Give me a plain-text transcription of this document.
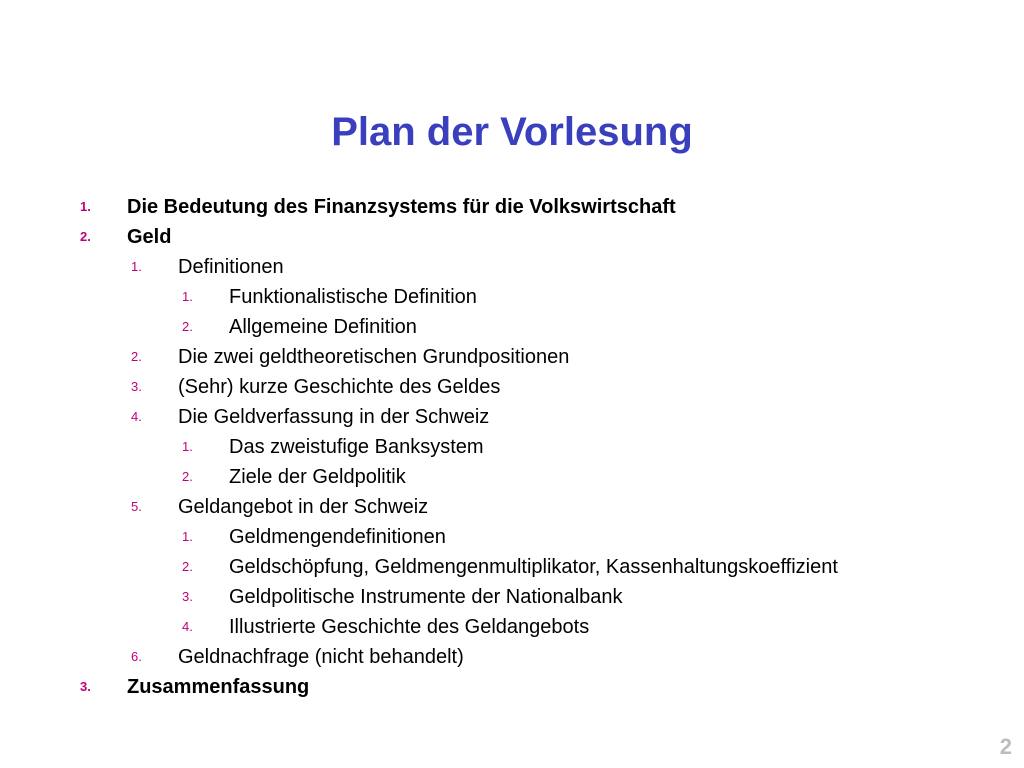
Plan der Vorlesung
1. Die Bedeutung des Finanzsystems für die Volkswirtschaft
2. Geld
1. Definitionen
1. Funktionalistische Definition
2. Allgemeine Definition
2. Die zwei geldtheoretischen Grundpositionen
3. (Sehr) kurze Geschichte des Geldes
4. Die Geldverfassung in der Schweiz
1. Das zweistufige Banksystem
2. Ziele der Geldpolitik
5. Geldangebot in der Schweiz
1. Geldmengendefinitionen
2. Geldschöpfung, Geldmengenmultiplikator, Kassenhaltungskoeffizient
3. Geldpolitische Instrumente der Nationalbank
4. Illustrierte Geschichte des Geldangebots
6. Geldnachfrage (nicht behandelt)
3. Zusammenfassung
2
